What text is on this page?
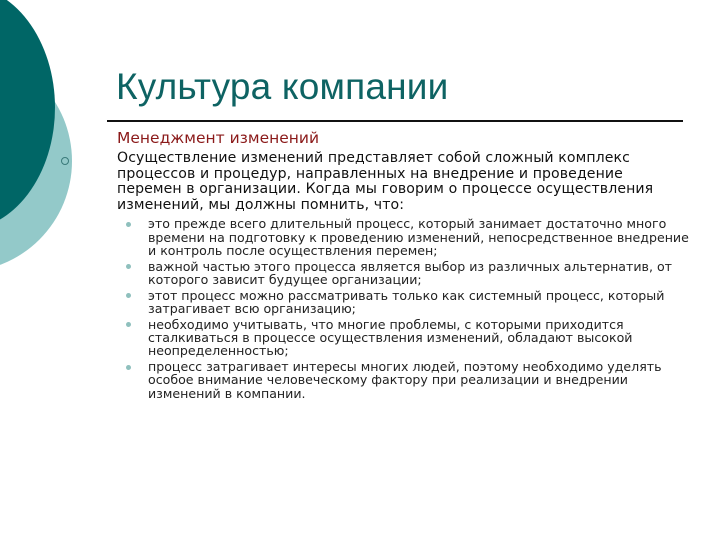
Культура компании
Менеджмент изменений
Осуществление изменений представляет собой сложный комплекс процессов и процедур, направленных на внедрение и проведение перемен в организации. Когда мы говорим о процессе осуществления изменений, мы должны помнить, что:
это прежде всего длительный процесс, который занимает достаточно много времени на подготовку к проведению изменений, непосредственное внедрение и контроль после осуществления перемен;
важной частью этого процесса является выбор из различных альтернатив, от которого зависит будущее организации;
этот процесс можно рассматривать только как системный процесс, который затрагивает всю организацию;
необходимо учитывать, что многие проблемы, с которыми приходится сталкиваться в процессе осуществления изменений, обладают высокой неопределенностью;
процесс затрагивает интересы многих людей, поэтому необходимо уделять особое внимание человеческому фактору при реализации и внедрении изменений в компании.
